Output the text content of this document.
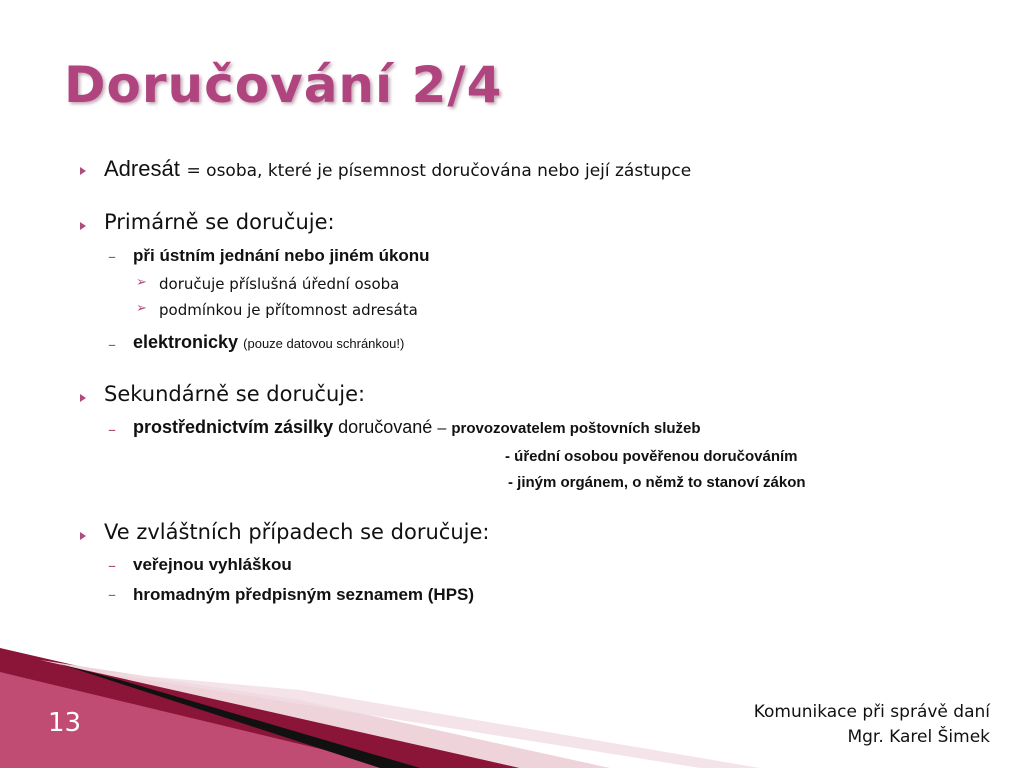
Doručování 2/4
Adresát = osoba, které je písemnost doručována nebo její zástupce
Primárně se doručuje:
– při ústním jednání nebo jiném úkonu
➢ doručuje příslušná úřední osoba
➢ podmínkou je přítomnost adresáta
– elektronicky (pouze datovou schránkou!)
Sekundárně se doručuje:
– prostřednictvím zásilky doručované – provozovatelem poštovních služeb
- úřední osobou pověřenou doručováním
- jiným orgánem, o němž to stanoví zákon
Ve zvláštních případech se doručuje:
– veřejnou vyhláškou
– hromadným předpisným seznamem (HPS)
13	Komunikace při správě daní
Mgr. Karel Šimek
